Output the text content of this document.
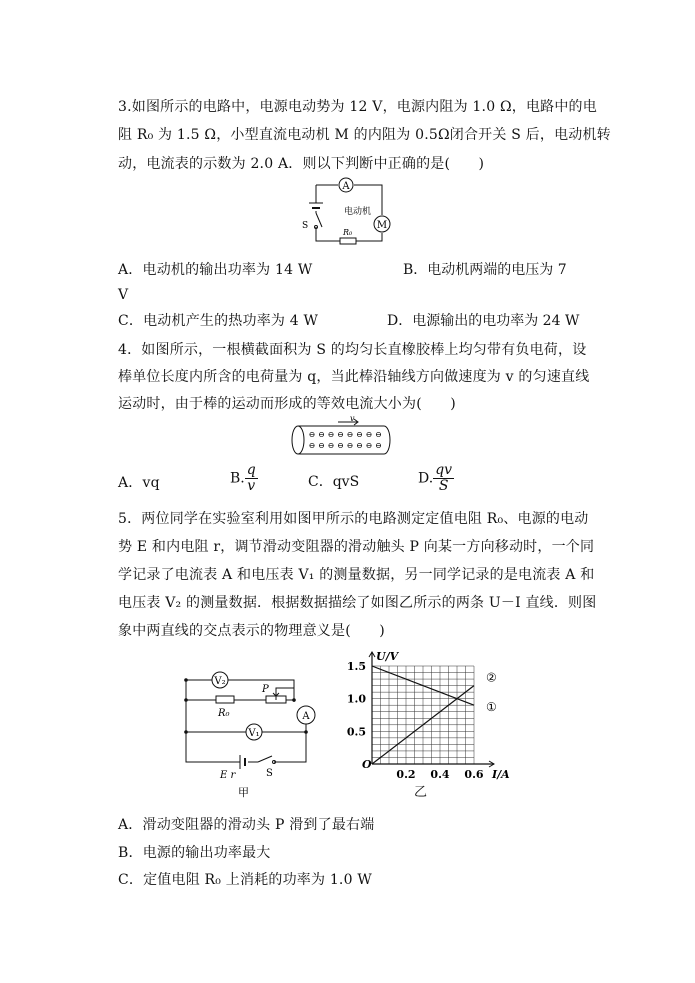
3.如图所示的电路中，电源电动势为 12 V，电源内阻为 1.0 Ω，电路中的电
阻 R₀ 为 1.5 Ω，小型直流电动机 M 的内阻为 0.5Ω闭合开关 S 后，电动机转
动，电流表的示数为 2.0 A．则以下判断中正确的是(　　)
A
电动机
M
S
R₀
A．电动机的输出功率为 14 W	B．电动机两端的电压为 7
V
C．电动机产生的热功率为 4 W	D．电源输出的电功率为 24 W
4．如图所示，一根横截面积为 S 的均匀长直橡胶棒上均匀带有负电荷，设
棒单位长度内所含的电荷量为 q，当此棒沿轴线方向做速度为 v 的匀速直线
运动时，由于棒的运动而形成的等效电流大小为(　　)
v
⊖ ⊖ ⊖ ⊖ ⊖ ⊖ ⊖ ⊖
⊖ ⊖ ⊖ ⊖ ⊖ ⊖ ⊖ ⊖
A．vq	B. $\frac{q}{v}$	C．qvS	D. $\frac{qv}{S}$
5．两位同学在实验室利用如图甲所示的电路测定定值电阻 R₀、电源的电动
势 E 和内电阻 r，调节滑动变阻器的滑动触头 P 向某一方向移动时，一个同
学记录了电流表 A 和电压表 V₁ 的测量数据，另一同学记录的是电流表 A 和
电压表 V₂ 的测量数据．根据数据描绘了如图乙所示的两条 U－I 直线．则图
象中两直线的交点表示的物理意义是(　　)
V₂
R₀
P
V₁
A
E r	S
甲
0.2 0.4 0.6
0.5
1.0
1.5
O
I/A
U/V
①
②
乙
A．滑动变阻器的滑动头 P 滑到了最右端
B．电源的输出功率最大
C．定值电阻 R₀ 上消耗的功率为 1.0 W
